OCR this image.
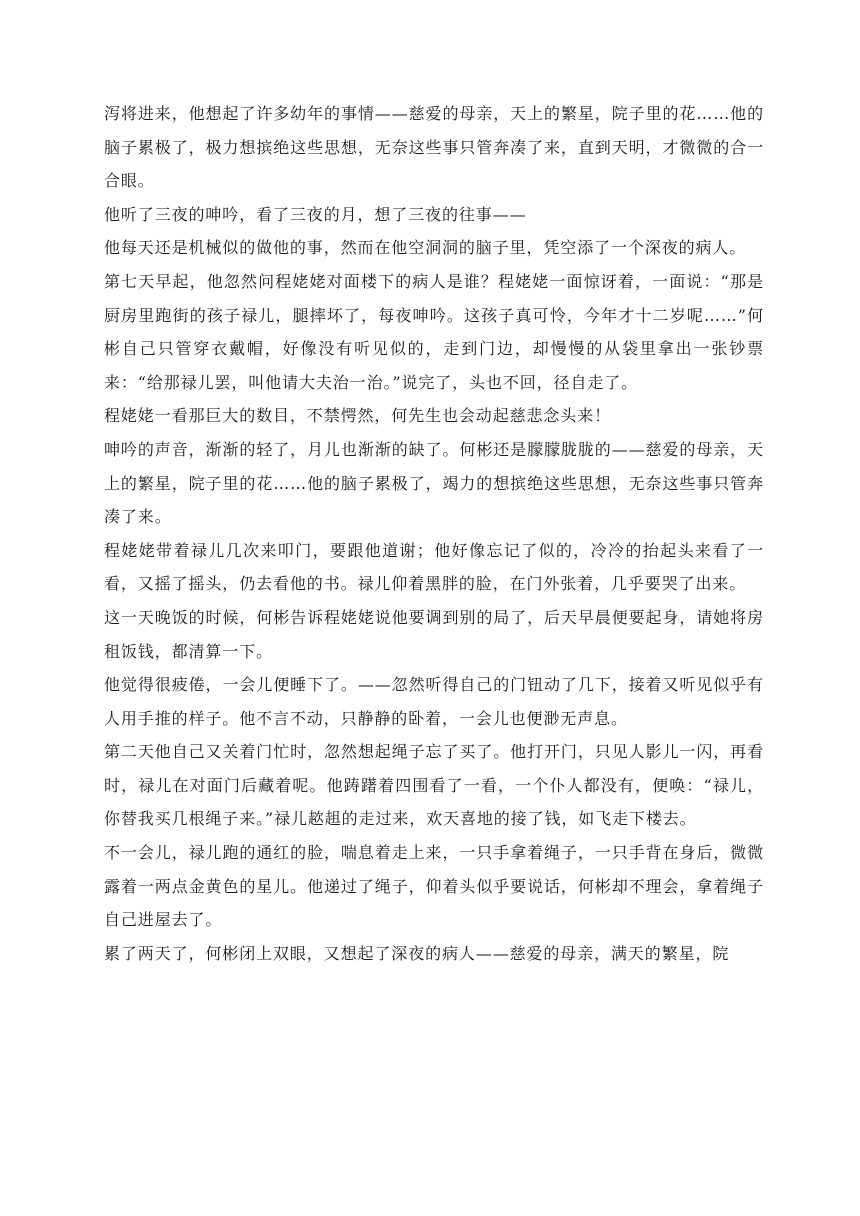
泻将进来，他想起了许多幼年的事情——慈爱的母亲，天上的繁星，院子里的花……他的脑子累极了，极力想摈绝这些思想，无奈这些事只管奔凑了来，直到天明，才微微的合一合眼。

他听了三夜的呻吟，看了三夜的月，想了三夜的往事——

他每天还是机械似的做他的事，然而在他空洞洞的脑子里，凭空添了一个深夜的病人。

第七天早起，他忽然问程姥姥对面楼下的病人是谁？程姥姥一面惊讶着，一面说：“那是厨房里跑街的孩子禄儿，腿摔坏了，每夜呻吟。这孩子真可怜，今年才十二岁呢……”何彬自己只管穿衣戴帽，好像没有听见似的，走到门边，却慢慢的从袋里拿出一张钞票来：“给那禄儿罢，叫他请大夫治一治。”说完了，头也不回，径自走了。

程姥姥一看那巨大的数目，不禁愕然，何先生也会动起慈悲念头来！

呻吟的声音，渐渐的轻了，月儿也渐渐的缺了。何彬还是朦朦胧胧的——慈爱的母亲，天上的繁星，院子里的花……他的脑子累极了，竭力的想摈绝这些思想，无奈这些事只管奔凑了来。

程姥姥带着禄儿几次来叩门，要跟他道谢；他好像忘记了似的，冷冷的抬起头来看了一看，又摇了摇头，仍去看他的书。禄儿仰着黑胖的脸，在门外张着，几乎要哭了出来。

这一天晚饭的时候，何彬告诉程姥姥说他要调到别的局了，后天早晨便要起身，请她将房租饭钱，都清算一下。

他觉得很疲倦，一会儿便睡下了。——忽然听得自己的门钮动了几下，接着又听见似乎有人用手推的样子。他不言不动，只静静的卧着，一会儿也便渺无声息。

第二天他自己又关着门忙时，忽然想起绳子忘了买了。他打开门，只见人影儿一闪，再看时，禄儿在对面门后藏着呢。他踌躇着四围看了一看，一个仆人都没有，便唤：“禄儿，你替我买几根绳子来。”禄儿趑趄的走过来，欢天喜地的接了钱，如飞走下楼去。

不一会儿，禄儿跑的通红的脸，喘息着走上来，一只手拿着绳子，一只手背在身后，微微露着一两点金黄色的星儿。他递过了绳子，仰着头似乎要说话，何彬却不理会，拿着绳子自己进屋去了。

累了两天了，何彬闭上双眼，又想起了深夜的病人——慈爱的母亲，满天的繁星，院
